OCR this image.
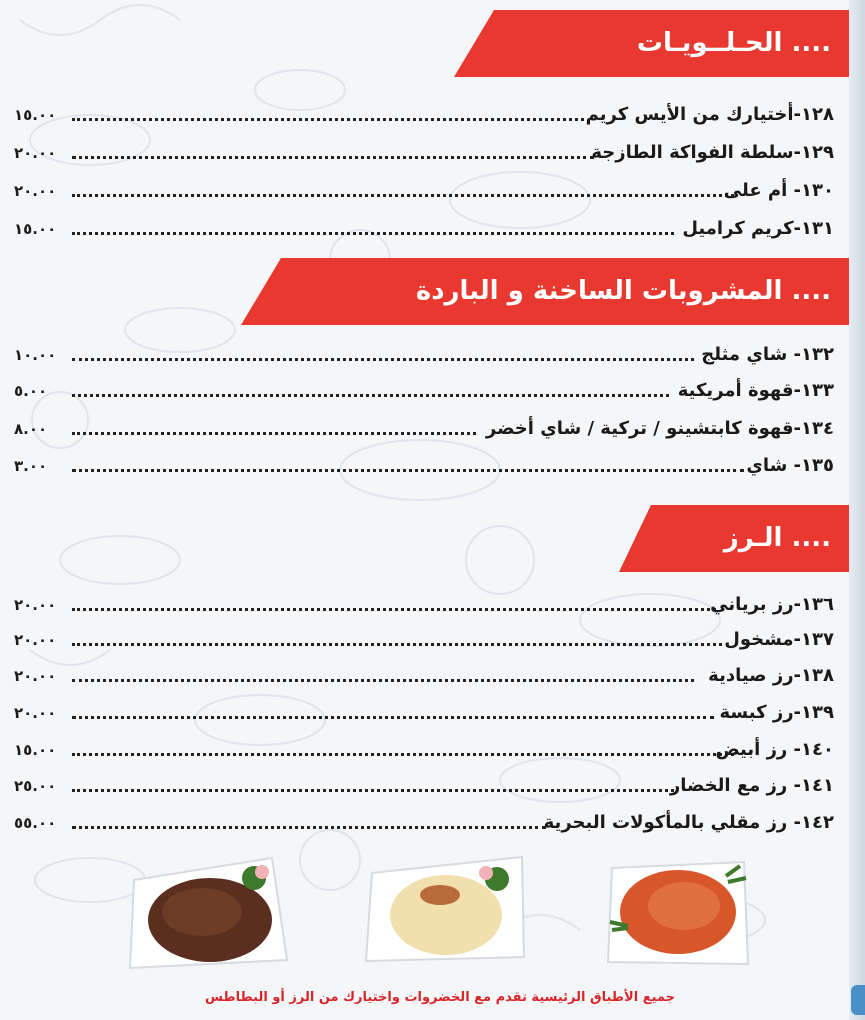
.... الحـلــويـات
١٥.٠٠	١٢٨-أختيارك من الأيس كريم
٢٠.٠٠	١٢٩-سلطة الفواكة الطازجة
٢٠.٠٠	١٣٠- أم على
١٥.٠٠	١٣١-كريم كراميل
.... المشروبات الساخنة و الباردة
١٠.٠٠	١٣٢- شاي مثلج
٥.٠٠	١٣٣-قهوة أمريكية
٨.٠٠	١٣٤-قهوة كابتشينو / تركية / شاي أخضر
٣.٠٠	١٣٥- شاي
.... الـرز
٢٠.٠٠	١٣٦-رز برياني
٢٠.٠٠	١٣٧-مشخول
٢٠.٠٠	١٣٨-رز صيادية
٢٠.٠٠	١٣٩-رز كبسة
١٥.٠٠	١٤٠- رز أبيض
٢٥.٠٠	١٤١- رز مع الخضار
٥٥.٠٠	١٤٢- رز مقلي بالمأكولات البحرية
جميع الأطباق الرئيسية تقدم مع الخضروات واختيارك من الرز أو البطاطس
